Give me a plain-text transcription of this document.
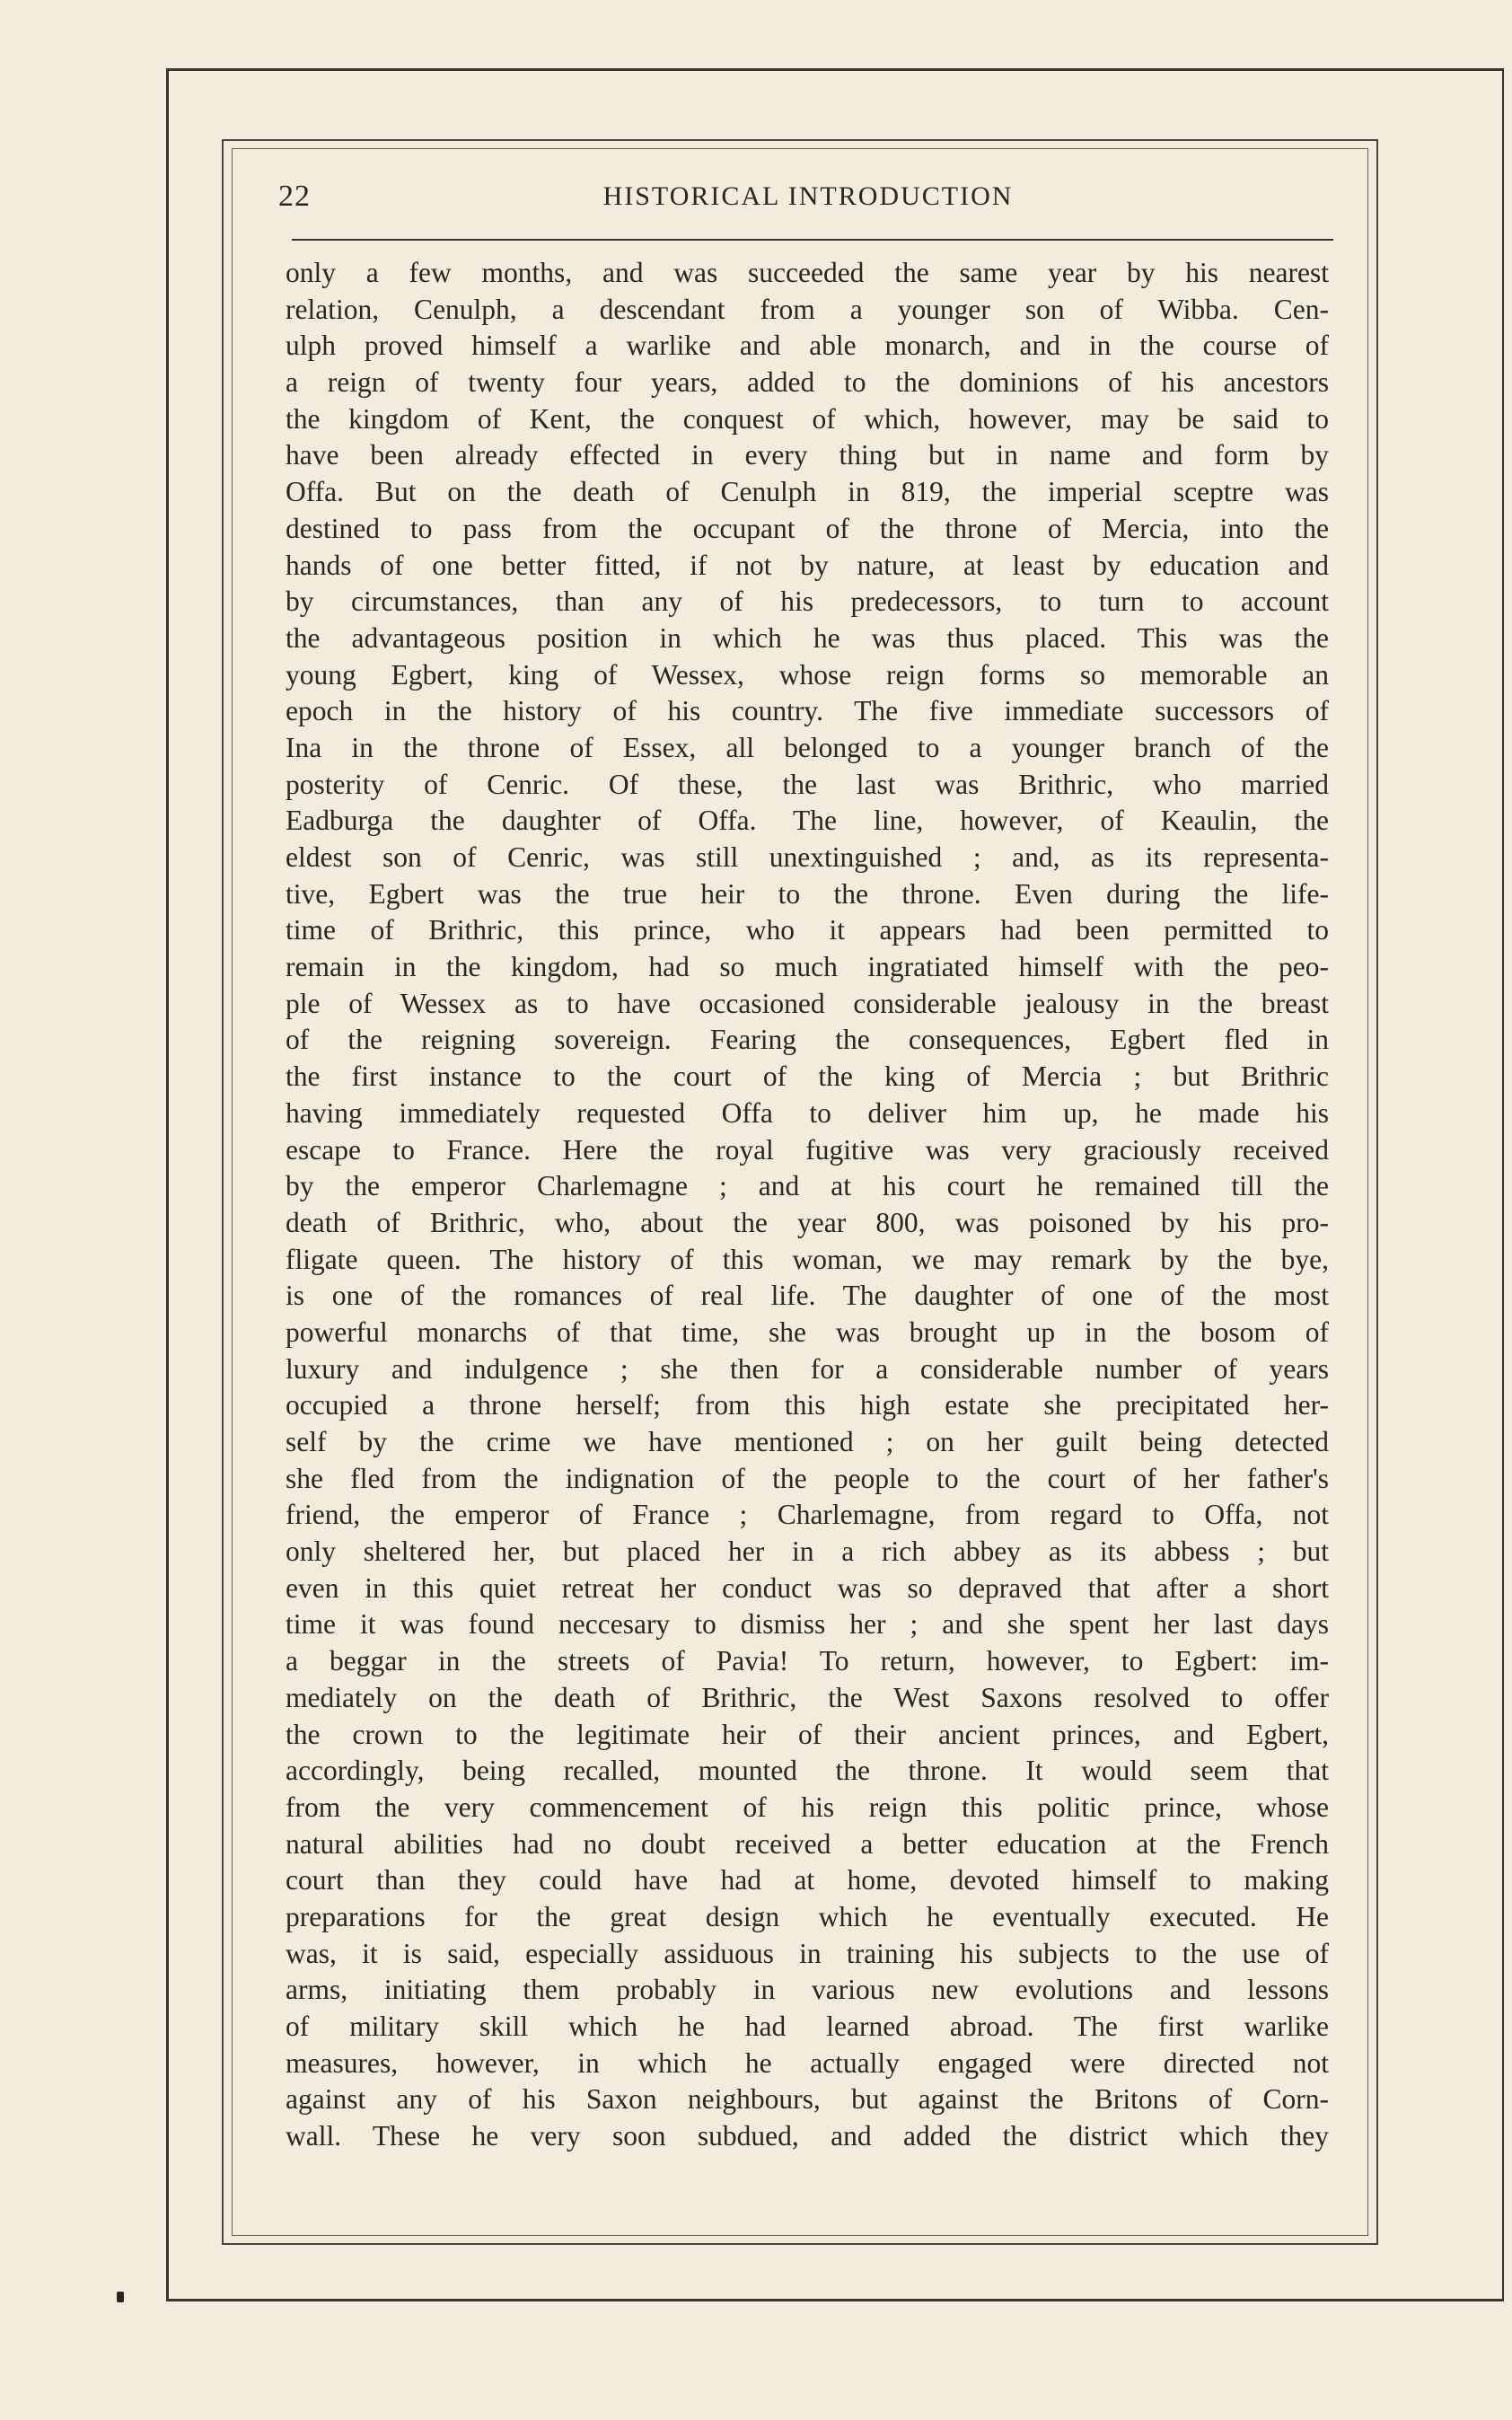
22	HISTORICAL INTRODUCTION
only a few months, and was succeeded the same year by his nearest
relation, Cenulph, a descendant from a younger son of Wibba. Cen-
ulph proved himself a warlike and able monarch, and in the course of
a reign of twenty four years, added to the dominions of his ancestors
the kingdom of Kent, the conquest of which, however, may be said to
have been already effected in every thing but in name and form by
Offa. But on the death of Cenulph in 819, the imperial sceptre was
destined to pass from the occupant of the throne of Mercia, into the
hands of one better fitted, if not by nature, at least by education and
by circumstances, than any of his predecessors, to turn to account
the advantageous position in which he was thus placed. This was the
young Egbert, king of Wessex, whose reign forms so memorable an
epoch in the history of his country. The five immediate successors of
Ina in the throne of Essex, all belonged to a younger branch of the
posterity of Cenric. Of these, the last was Brithric, who married
Eadburga the daughter of Offa. The line, however, of Keaulin, the
eldest son of Cenric, was still unextinguished ; and, as its representa-
tive, Egbert was the true heir to the throne. Even during the life-
time of Brithric, this prince, who it appears had been permitted to
remain in the kingdom, had so much ingratiated himself with the peo-
ple of Wessex as to have occasioned considerable jealousy in the breast
of the reigning sovereign. Fearing the consequences, Egbert fled in
the first instance to the court of the king of Mercia ; but Brithric
having immediately requested Offa to deliver him up, he made his
escape to France. Here the royal fugitive was very graciously received
by the emperor Charlemagne ; and at his court he remained till the
death of Brithric, who, about the year 800, was poisoned by his pro-
fligate queen. The history of this woman, we may remark by the bye,
is one of the romances of real life. The daughter of one of the most
powerful monarchs of that time, she was brought up in the bosom of
luxury and indulgence ; she then for a considerable number of years
occupied a throne herself; from this high estate she precipitated her-
self by the crime we have mentioned ; on her guilt being detected
she fled from the indignation of the people to the court of her father's
friend, the emperor of France ; Charlemagne, from regard to Offa, not
only sheltered her, but placed her in a rich abbey as its abbess ; but
even in this quiet retreat her conduct was so depraved that after a short
time it was found neccesary to dismiss her ; and she spent her last days
a beggar in the streets of Pavia! To return, however, to Egbert: im-
mediately on the death of Brithric, the West Saxons resolved to offer
the crown to the legitimate heir of their ancient princes, and Egbert,
accordingly, being recalled, mounted the throne. It would seem that
from the very commencement of his reign this politic prince, whose
natural abilities had no doubt received a better education at the French
court than they could have had at home, devoted himself to making
preparations for the great design which he eventually executed. He
was, it is said, especially assiduous in training his subjects to the use of
arms, initiating them probably in various new evolutions and lessons
of military skill which he had learned abroad. The first warlike
measures, however, in which he actually engaged were directed not
against any of his Saxon neighbours, but against the Britons of Corn-
wall. These he very soon subdued, and added the district which they
